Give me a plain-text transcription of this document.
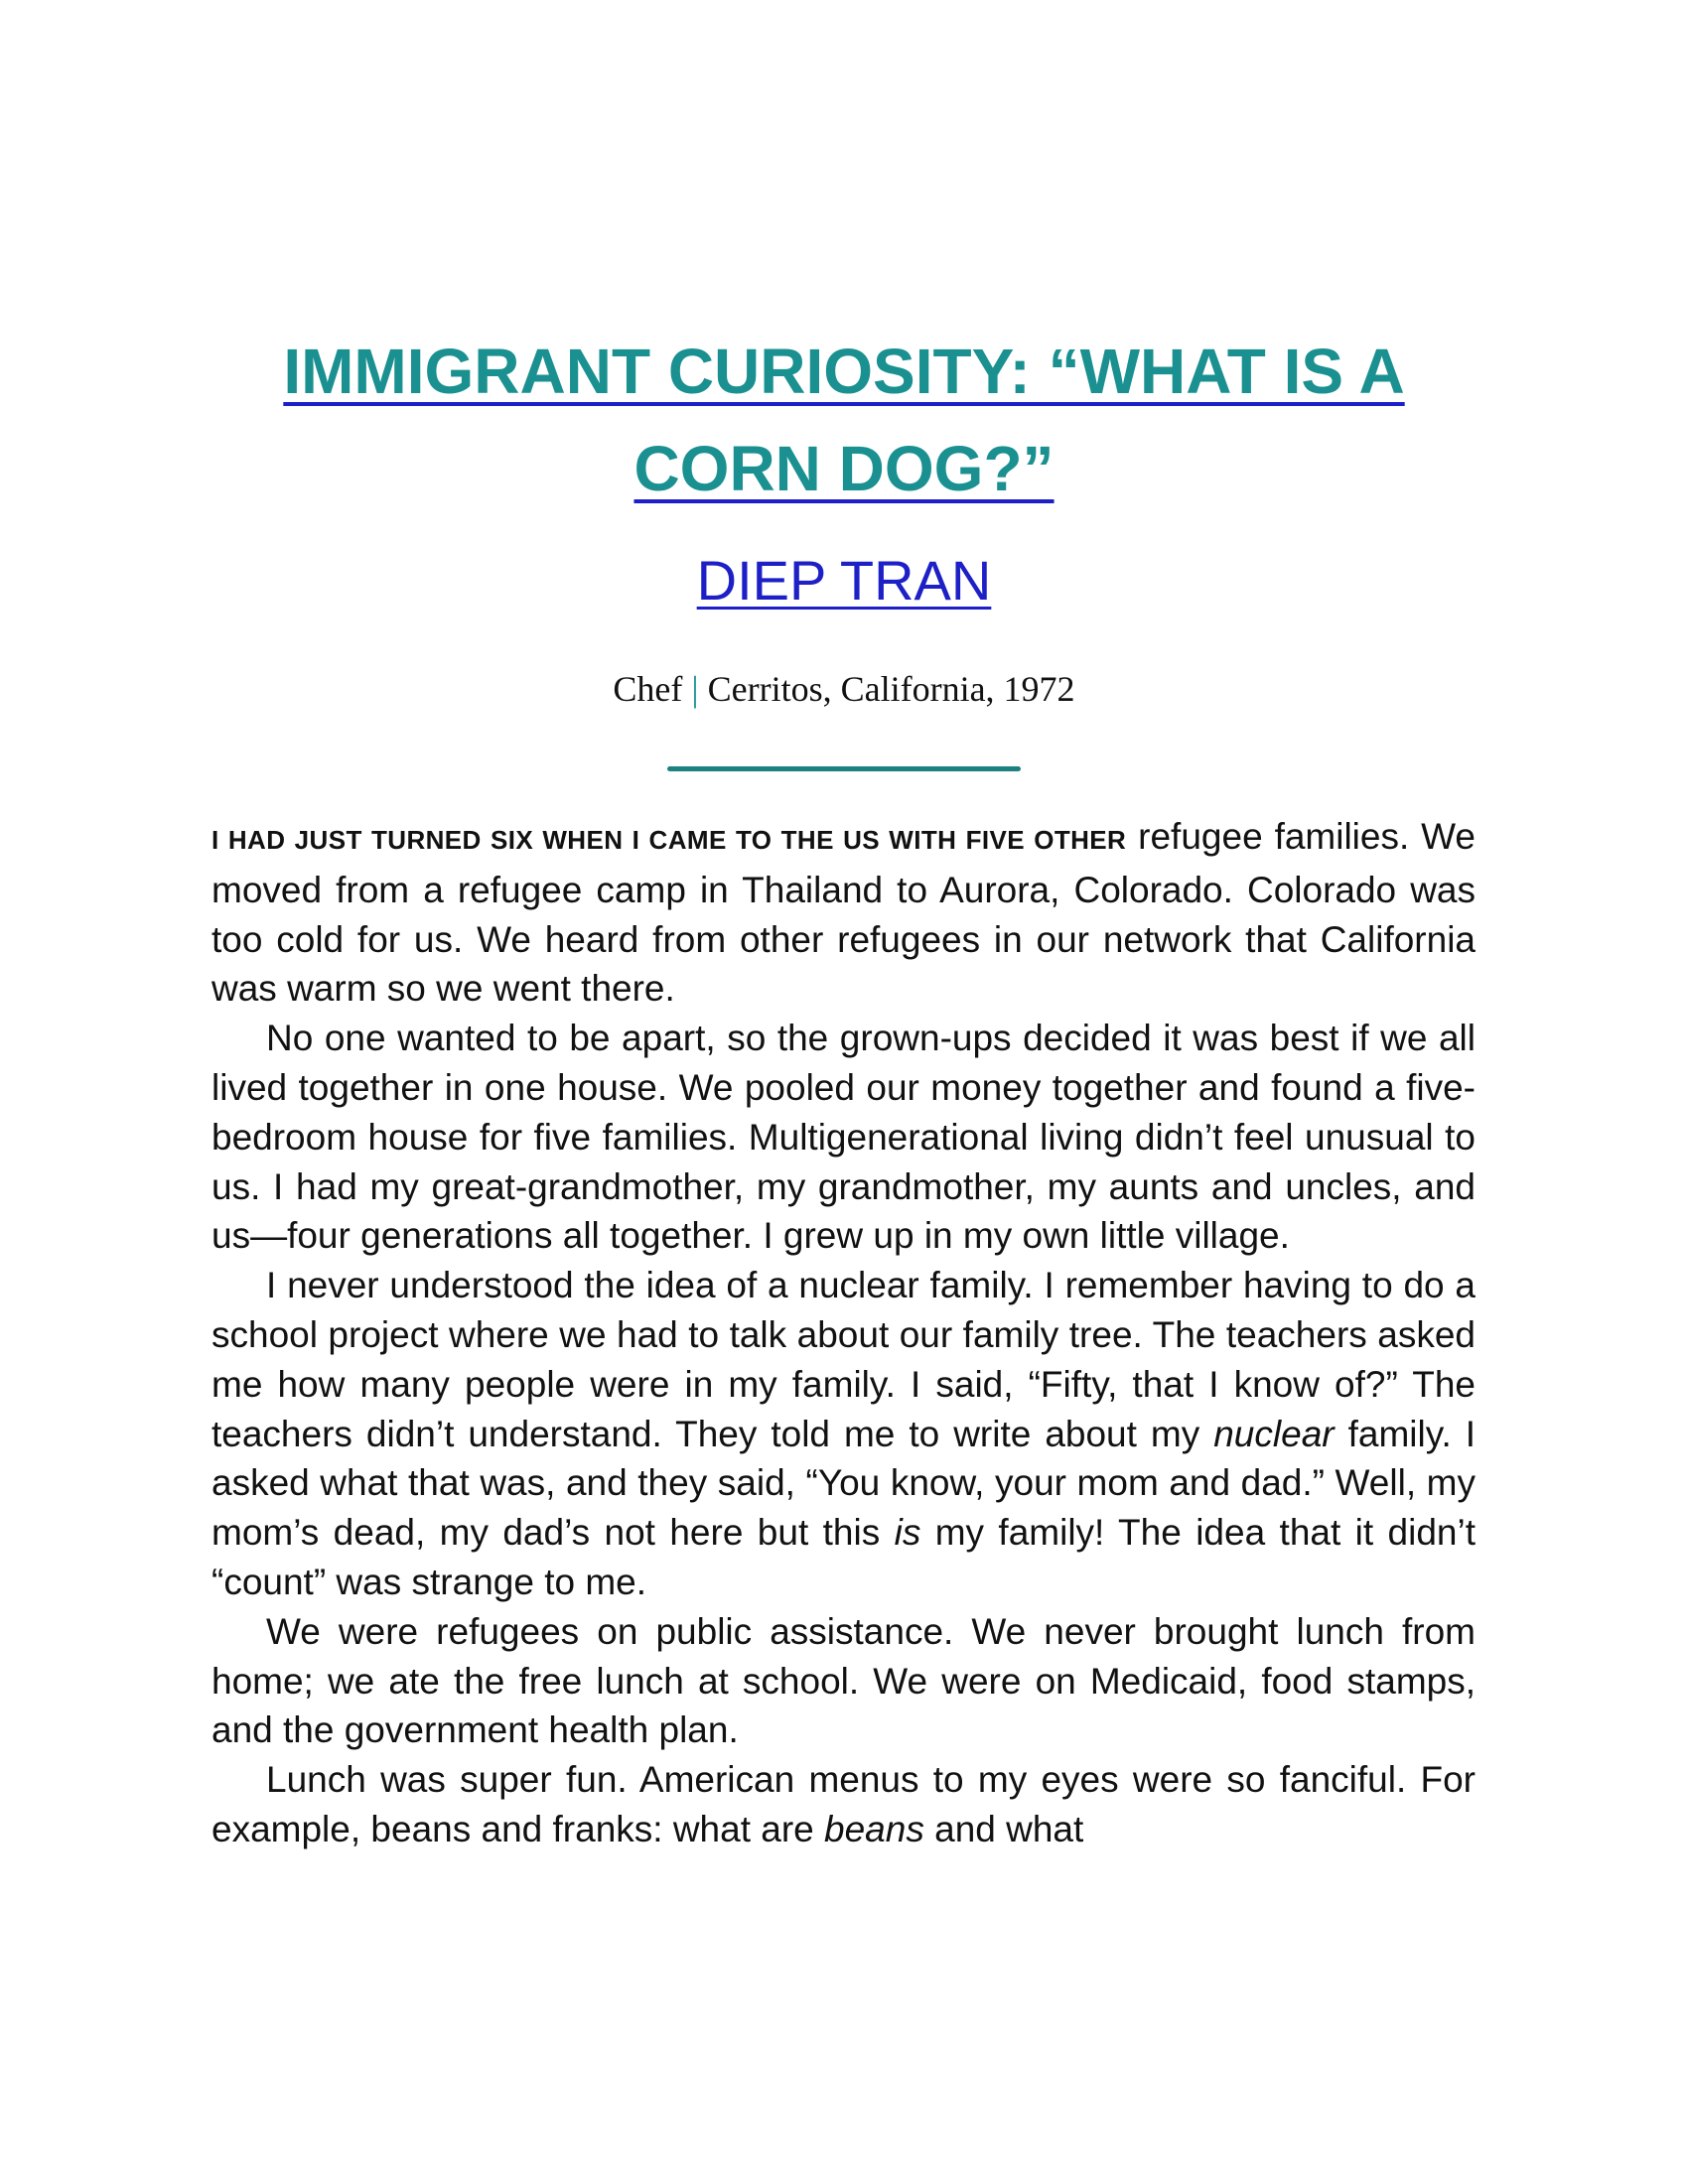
IMMIGRANT CURIOSITY: “WHAT IS A
CORN DOG?”
DIEP TRAN
Chef | Cerritos, California, 1972

I HAD JUST TURNED SIX WHEN I CAME TO THE US WITH FIVE OTHER refugee families. We moved from a refugee camp in Thailand to Aurora, Colorado. Colorado was too cold for us. We heard from other refugees in our network that California was warm so we went there.

No one wanted to be apart, so the grown-ups decided it was best if we all lived together in one house. We pooled our money together and found a five-bedroom house for five families. Multigenerational living didn’t feel unusual to us. I had my great-grandmother, my grandmother, my aunts and uncles, and us—four generations all together. I grew up in my own little village.

I never understood the idea of a nuclear family. I remember having to do a school project where we had to talk about our family tree. The teachers asked me how many people were in my family. I said, “Fifty, that I know of?” The teachers didn’t understand. They told me to write about my nuclear family. I asked what that was, and they said, “You know, your mom and dad.” Well, my mom’s dead, my dad’s not here but this is my family! The idea that it didn’t “count” was strange to me.

We were refugees on public assistance. We never brought lunch from home; we ate the free lunch at school. We were on Medicaid, food stamps, and the government health plan.

Lunch was super fun. American menus to my eyes were so fanciful. For example, beans and franks: what are beans and what
